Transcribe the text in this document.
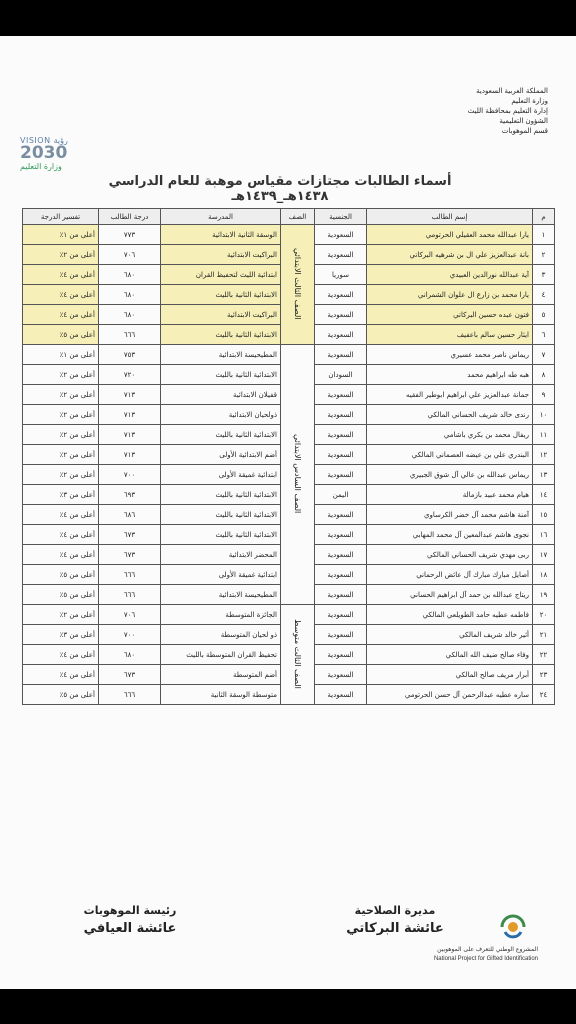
المملكة العربية السعودية
وزارة التعليم
إدارة التعليم بمحافظة الليث
الشؤون التعليمية
قسم الموهوبات
VISION رؤية
2030
وزارة التعليم
أسماء الطالبات مجتازات مقياس موهبة للعام الدراسي ١٤٣٨هـ_١٤٣٩هـ
م	إسم الطالب	الجنسية	الصف	المدرسة	درجة الطالب	تفسير الدرجة
١	يارا عبدالله محمد العقيلي الحرتومي	السعودية	الصف الثالث الابتدائي	الوسقة الثانية الابتدائية	٧٧٣	أعلى من ١٪
٢	بانة عبدالعزيز علي ال بن شرهيه البركاتي	السعودية		البراكيت الابتدائية	٧٠٦	أعلى من ٢٪
٣	آية عبدالله نورالدين العبيدي	سوريا		ابتدائية الليث لتحفيظ القران	٦٨٠	أعلى من ٤٪
٤	يارا محمد بن زارع ال علوان الشمراني	السعودية		الابتدائية الثانية بالليث	٦٨٠	أعلى من ٤٪
٥	فتون عبده حسين البركاتي	السعودية		البراكيت الابتدائية	٦٨٠	أعلى من ٤٪
٦	ايثار حسين سالم باعفيف	السعودية		الابتدائية الثانية بالليث	٦٦٦	أعلى من ٥٪
٧	ريماس ناصر محمد عسيري	السعودية	الصف السادس الابتدائي	المطيحيسة الابتدائية	٧٥٣	أعلى من ١٪
٨	هبه طه ابراهيم محمد	السودان		الابتدائية الثانية بالليث	٧٢٠	أعلى من ٢٪
٩	جمانة عبدالعزيز علي ابراهيم ابوطير الفقيه	السعودية		قفيلان الابتدائية	٧١٣	أعلى من ٢٪
١٠	رندى خالد شريف الحساني المالكي	السعودية		ذولحيان الابتدائية	٧١٣	أعلى من ٢٪
١١	ريفال محمد بن بكري باشامي	السعودية		الابتدائية الثانية بالليث	٧١٣	أعلى من ٢٪
١٢	البندري علي بن عيضه العصماني المالكي	السعودية		أضم الابتدائية الأولى	٧١٣	أعلى من ٢٪
١٣	ريماس عبدالله بن عالي آل شوق الجبيري	السعودية		ابتدائية غميقة الأولى	٧٠٠	أعلى من ٢٪
١٤	هيام محمد عبيد بازمالة	اليمن		الابتدائية الثانية بالليث	٦٩٣	أعلى من ٣٪
١٥	آمنة هاشم محمد آل خضر الكرساوي	السعودية		الابتدائية الثانية بالليث	٦٨٦	أعلى من ٤٪
١٦	نجوى هاشم عبدالمعين آل محمد المهابي	السعودية		الابتدائية الثانية بالليث	٦٧٣	أعلى من ٤٪
١٧	ربى مهدي شريف الحساني المالكي	السعودية		المحضر الابتدائية	٦٧٣	أعلى من ٤٪
١٨	أصايل مبارك مبارك آل عائض الرحماني	السعودية		ابتدائية غميقة الأولى	٦٦٦	أعلى من ٥٪
١٩	ريتاج عبدالله بن حمد آل ابراهيم الحساني	السعودية		المطيحيسة الابتدائية	٦٦٦	أعلى من ٥٪
٢٠	فاطمه عطيه حامد الطويلعي المالكي	السعودية	الصف الثالث متوسط	الجائزة المتوسطة	٧٠٦	أعلى من ٢٪
٢١	أثير خالد شريف المالكي	السعودية		ذو لحيان المتوسطة	٧٠٠	أعلى من ٣٪
٢٢	وفاء صالح ضيف الله المالكي	السعودية		تحفيظ القران المتوسطة بالليث	٦٨٠	أعلى من ٤٪
٢٣	أبرار مريف صالح المالكي	السعودية		أضم المتوسطة	٦٧٣	أعلى من ٤٪
٢٤	ساره عطيه عبدالرحمن آل حسن الحرتومي	السعودية		متوسطة الوسقة الثانية	٦٦٦	أعلى من ٥٪
رئيسة الموهوبات
عائشة العيافي
مديرة الصلاحية
عائشة البركاتي
المشروع الوطني للتعرف على الموهوبين
National Project for Gifted Identification
